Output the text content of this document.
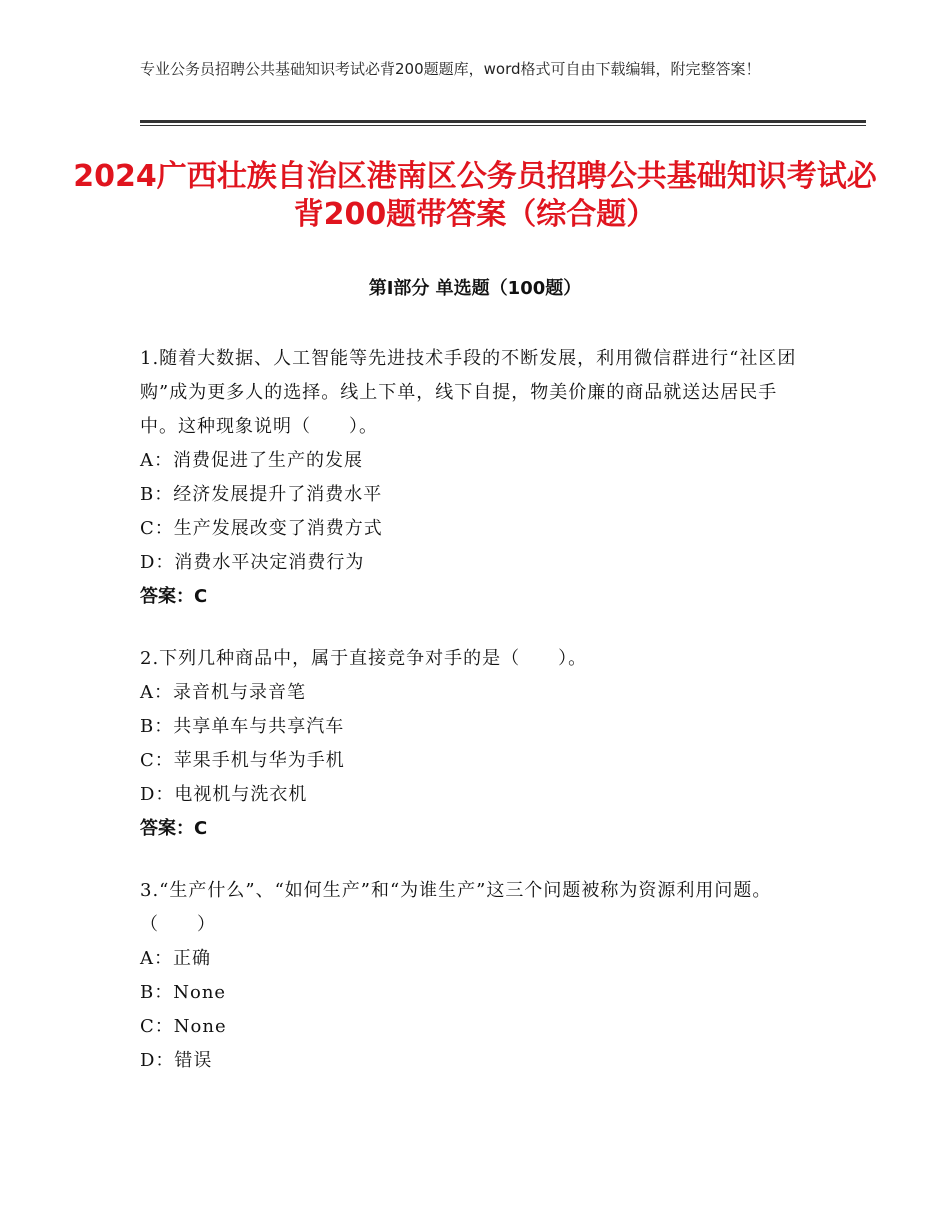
专业公务员招聘公共基础知识考试必背200题题库，word格式可自由下载编辑，附完整答案！
2024广西壮族自治区港南区公务员招聘公共基础知识考试必背200题带答案（综合题）
第Ⅰ部分 单选题（100题）

1.随着大数据、人工智能等先进技术手段的不断发展，利用微信群进行“社区团购”成为更多人的选择。线上下单，线下自提，物美价廉的商品就送达居民手中。这种现象说明（　　）。

A：消费促进了生产的发展

B：经济发展提升了消费水平

C：生产发展改变了消费方式

D：消费水平决定消费行为

答案：C

2.下列几种商品中，属于直接竞争对手的是（　　）。

A：录音机与录音笔

B：共享单车与共享汽车

C：苹果手机与华为手机

D：电视机与洗衣机

答案：C

3.“生产什么”、“如何生产”和“为谁生产”这三个问题被称为资源利用问题。（　　）

A：正确

B：None

C：None

D：错误
